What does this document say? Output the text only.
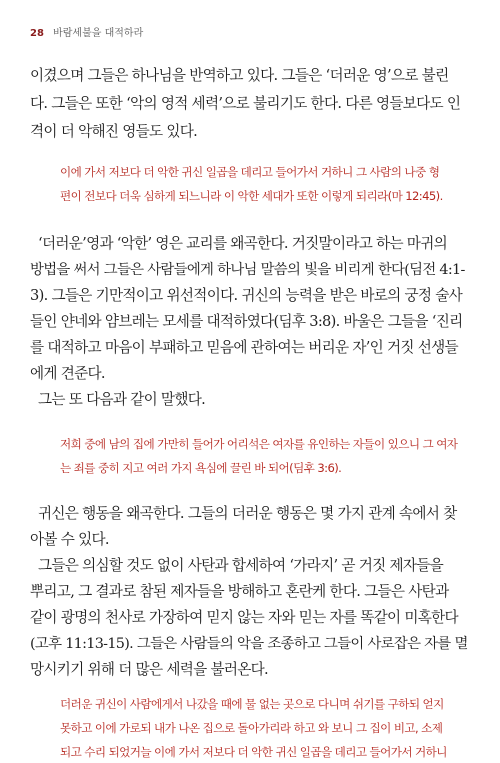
28 바람세불을 대적하라
이겼으며 그들은 하나님을 반역하고 있다. 그들은 ‘더러운 영’으로 불린
다. 그들은 또한 ‘악의 영적 세력’으로 불리기도 한다. 다른 영들보다도 인
격이 더 악해진 영들도 있다.
이에 가서 저보다 더 악한 귀신 일곱을 데리고 들어가서 거하니 그 사람의 나중 형
편이 전보다 더욱 심하게 되느니라 이 악한 세대가 또한 이렇게 되리라(마 12:45).
‘더러운’영과 ‘악한’ 영은 교리를 왜곡한다. 거짓말이라고 하는 마귀의
방법을 써서 그들은 사람들에게 하나님 말씀의 빛을 비리게 한다(딤전 4:1-
3). 그들은 기만적이고 위선적이다. 귀신의 능력을 받은 바로의 궁정 술사
들인 얀네와 얌브레는 모세를 대적하였다(딤후 3:8). 바울은 그들을 ‘진리
를 대적하고 마음이 부패하고 믿음에 관하여는 버리운 자’인 거짓 선생들
에게 견준다.
그는 또 다음과 같이 말했다.
저희 중에 남의 집에 가만히 들어가 어리석은 여자를 유인하는 자들이 있으니 그 여자
는 죄를 중히 지고 여러 가지 욕심에 끌린 바 되어(딤후 3:6).
귀신은 행동을 왜곡한다. 그들의 더러운 행동은 몇 가지 관계 속에서 찾
아볼 수 있다.
그들은 의심할 것도 없이 사탄과 합세하여 ‘가라지’ 곧 거짓 제자들을
뿌리고, 그 결과로 참된 제자들을 방해하고 혼란케 한다. 그들은 사탄과
같이 광명의 천사로 가장하여 믿지 않는 자와 믿는 자를 똑같이 미혹한다
(고후 11:13-15). 그들은 사람들의 악을 조종하고 그들이 사로잡은 자를 멸
망시키기 위해 더 많은 세력을 불러온다.
더러운 귀신이 사람에게서 나갔을 때에 물 없는 곳으로 다니며 쉬기를 구하되 얻지
못하고 이에 가로되 내가 나온 집으로 돌아가리라 하고 와 보니 그 집이 비고, 소제
되고 수리 되었거늘 이에 가서 저보다 더 악한 귀신 일곱을 데리고 들어가서 거하니
